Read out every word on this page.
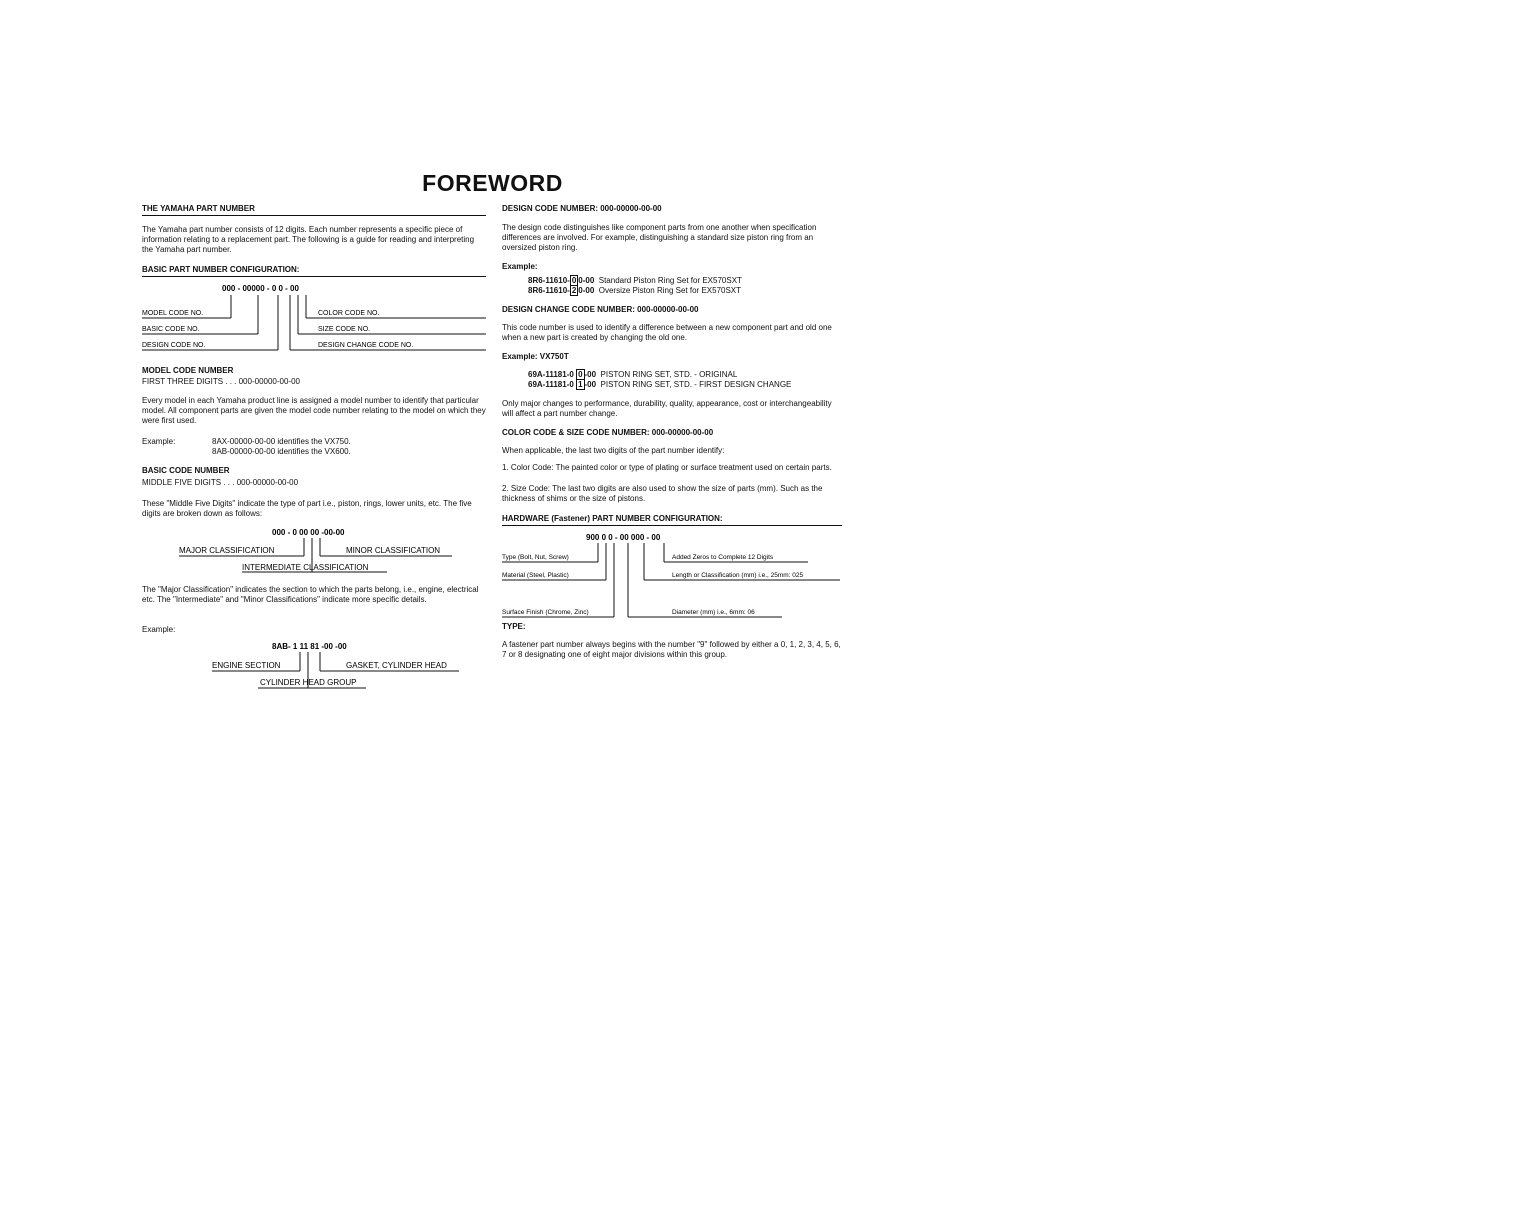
FOREWORD
THE YAMAHA PART NUMBER

The Yamaha part number consists of 12 digits. Each number represents a specific piece of information relating to a replacement part. The following is a guide for reading and interpreting the Yamaha part number.

BASIC PART NUMBER CONFIGURATION:
000 - 00000 - 0 0 - 00
MODEL CODE NO.
BASIC CODE NO.
DESIGN CODE NO.
COLOR CODE NO.
SIZE CODE NO.
DESIGN CHANGE CODE NO.
MODEL CODE NUMBER
FIRST THREE DIGITS . . . 000-00000-00-00

Every model in each Yamaha product line is assigned a model number to identify that particular model. All component parts are given the model code number relating to the model on which they were first used.

Example:	8AX-00000-00-00 identifies the VX750.
8AB-00000-00-00 identifies the VX600.
BASIC CODE NUMBER
MIDDLE FIVE DIGITS . . . 000-00000-00-00

These "Middle Five Digits" indicate the type of part i.e., piston, rings, lower units, etc. The five digits are broken down as follows:

000 - 0 00 00 -00-00
MAJOR CLASSIFICATION	MINOR CLASSIFICATION
INTERMEDIATE CLASSIFICATION

The "Major Classification" indicates the section to which the parts belong, i.e., engine, electrical etc. The "Intermediate" and "Minor Classifications" indicate more specific details.

Example:
8AB- 1 11 81 -00 -00
ENGINE SECTION	GASKET, CYLINDER HEAD
CYLINDER HEAD GROUP
DESIGN CODE NUMBER: 000-00000-00-00

The design code distinguishes like component parts from one another when specification differences are involved. For example, distinguishing a standard size piston ring from an oversized piston ring.

Example:
8R6-11610- 0 0-00 Standard Piston Ring Set for EX570SXT
8R6-11610- 2 0-00 Oversize Piston Ring Set for EX570SXT
DESIGN CHANGE CODE NUMBER: 000-00000-00-00

This code number is used to identify a difference between a new component part and old one when a new part is created by changing the old one.

Example: VX750T
69A-11181-0 0 -00 PISTON RING SET, STD. - ORIGINAL
69A-11181-0 1 -00 PISTON RING SET, STD. - FIRST DESIGN CHANGE

Only major changes to performance, durability, quality, appearance, cost or interchangeability will affect a part number change.

COLOR CODE & SIZE CODE NUMBER: 000-00000-00-00

When applicable, the last two digits of the part number identify:

1. Color Code: The painted color or type of plating or surface treatment used on certain parts.

2. Size Code: The last two digits are also used to show the size of parts (mm). Such as the thickness of shims or the size of pistons.

HARDWARE (Fastener) PART NUMBER CONFIGURATION:
900 0 0 - 00 000 - 00
Type (Bolt, Nut, Screw)
Material (Steel, Plastic)
Surface Finish (Chrome, Zinc)
Added Zeros to Complete 12 Digits
Length or Classification (mm) i.e., 25mm: 025
Diameter (mm) i.e., 6mm: 06
TYPE:

A fastener part number always begins with the number "9" followed by either a 0, 1, 2, 3, 4, 5, 6, 7 or 8 designating one of eight major divisions within this group.
